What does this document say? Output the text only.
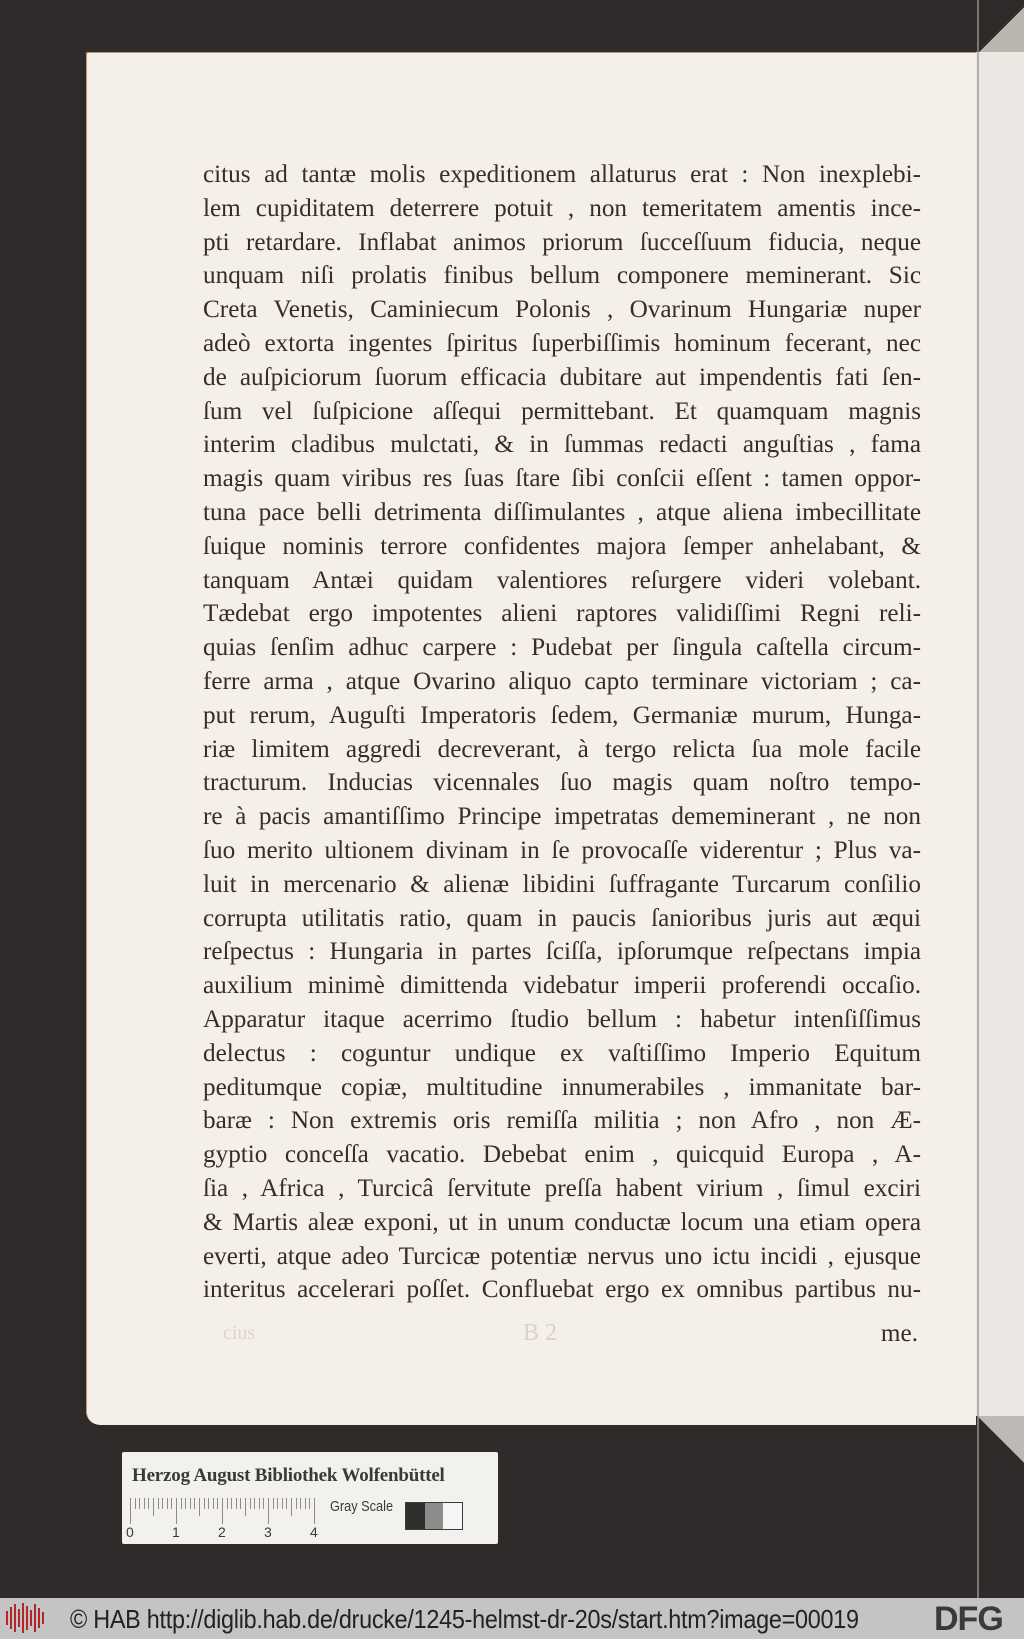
citus ad tantæ molis expeditionem allaturus erat : Non inexplebi-
lem cupiditatem deterrere potuit , non temeritatem amentis ince-
pti retardare. Inflabat animos priorum ſucceſſuum fiducia, neque
unquam niſi prolatis finibus bellum componere meminerant. Sic
Creta Venetis, Caminiecum Polonis , Ovarinum Hungariæ nuper
adeò extorta ingentes ſpiritus ſuperbiſſimis hominum fecerant, nec
de auſpiciorum ſuorum efficacia dubitare aut impendentis fati ſen-
ſum vel ſuſpicione aſſequi permittebant. Et quamquam magnis
interim cladibus mulctati, & in ſummas redacti anguſtias , fama
magis quam viribus res ſuas ſtare ſibi conſcii eſſent : tamen oppor-
tuna pace belli detrimenta diſſimulantes , atque aliena imbecillitate
ſuique nominis terrore confidentes majora ſemper anhelabant, &
tanquam Antæi quidam valentiores reſurgere videri volebant.
Tædebat ergo impotentes alieni raptores validiſſimi Regni reli-
quias ſenſim adhuc carpere : Pudebat per ſingula caſtella circum-
ferre arma , atque Ovarino aliquo capto terminare victoriam ; ca-
put rerum, Auguſti Imperatoris ſedem, Germaniæ murum, Hunga-
riæ limitem aggredi decreverant, à tergo relicta ſua mole facile
tracturum. Inducias vicennales ſuo magis quam noſtro tempo-
re à pacis amantiſſimo Principe impetratas dememinerant , ne non
ſuo merito ultionem divinam in ſe provocaſſe viderentur ; Plus va-
luit in mercenario & alienæ libidini ſuffragante Turcarum conſilio
corrupta utilitatis ratio, quam in paucis ſanioribus juris aut æqui
reſpectus : Hungaria in partes ſciſſa, ipſorumque reſpectans impia
auxilium minimè dimittenda videbatur imperii proferendi occaſio.
Apparatur itaque acerrimo ſtudio bellum : habetur intenſiſſimus
delectus : coguntur undique ex vaſtiſſimo Imperio Equitum
peditumque copiæ, multitudine innumerabiles , immanitate bar-
baræ : Non extremis oris remiſſa militia ; non Afro , non Æ-
gyptio conceſſa vacatio. Debebat enim , quicquid Europa , A-
ſia , Africa , Turcicâ ſervitute preſſa habent virium , ſimul exciri
& Martis aleæ exponi, ut in unum conductæ locum una etiam opera
everti, atque adeo Turcicæ potentiæ nervus uno ictu incidi , ejusque
interitus accelerari poſſet. Confluebat ergo ex omnibus partibus nu-
cius	B 2	me.
Herzog August Bibliothek Wolfenbüttel
0	1	2	3	4
Gray Scale
© HAB http://diglib.hab.de/drucke/1245-helmst-dr-20s/start.htm?image=00019 DFG
